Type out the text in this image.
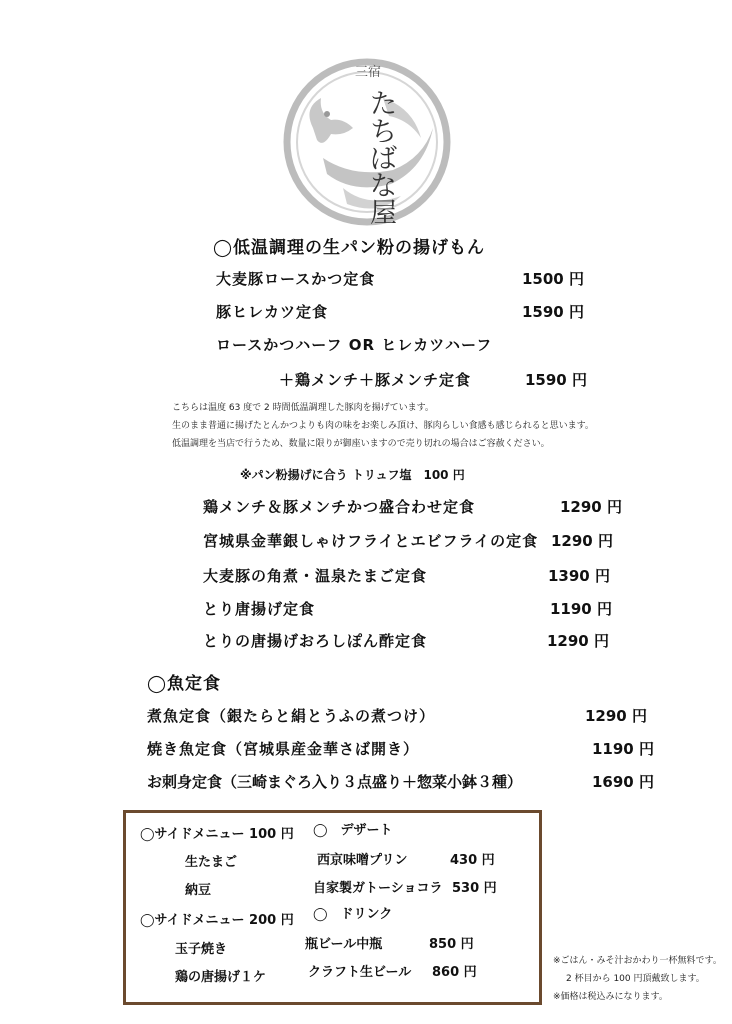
三宿
た
ち
ば
な
屋
◯低温調理の生パン粉の揚げもん
大麦豚ロースかつ定食	1500 円
豚ヒレカツ定食	1590 円
ロースかつハーフ OR ヒレカツハーフ
＋鶏メンチ＋豚メンチ定食	1590 円
こちらは温度 63 度で 2 時間低温調理した豚肉を揚げています。
生のまま普通に揚げたとんかつよりも肉の味をお楽しみ頂け、豚肉らしい食感も感じられると思います。
低温調理を当店で行うため、数量に限りが御座いますので売り切れの場合はご容赦ください。
※パン粉揚げに合う トリュフ塩　100 円
鶏メンチ＆豚メンチかつ盛合わせ定食	1290 円
宮城県金華銀しゃけフライとエビフライの定食 1290 円
大麦豚の角煮・温泉たまご定食	1390 円
とり唐揚げ定食	1190 円
とりの唐揚げおろしぽん酢定食	1290 円
◯魚定食
煮魚定食（銀たらと絹とうふの煮つけ）	1290 円
焼き魚定食（宮城県産金華さば開き）	1190 円
お刺身定食（三崎まぐろ入り３点盛り＋惣菜小鉢３種）	1690 円
◯サイドメニュー 100 円
生たまご
納豆
◯サイドメニュー 200 円
玉子焼き
鶏の唐揚げ１ケ
◯　デザート
西京味噌プリン	430 円
自家製ガトーショコラ 530 円
◯　ドリンク
瓶ビール中瓶	850 円
クラフト生ビール 860 円
※ごはん・みそ汁おかわり一杯無料です。
2 杯目から 100 円頂戴致します。
※価格は税込みになります。
